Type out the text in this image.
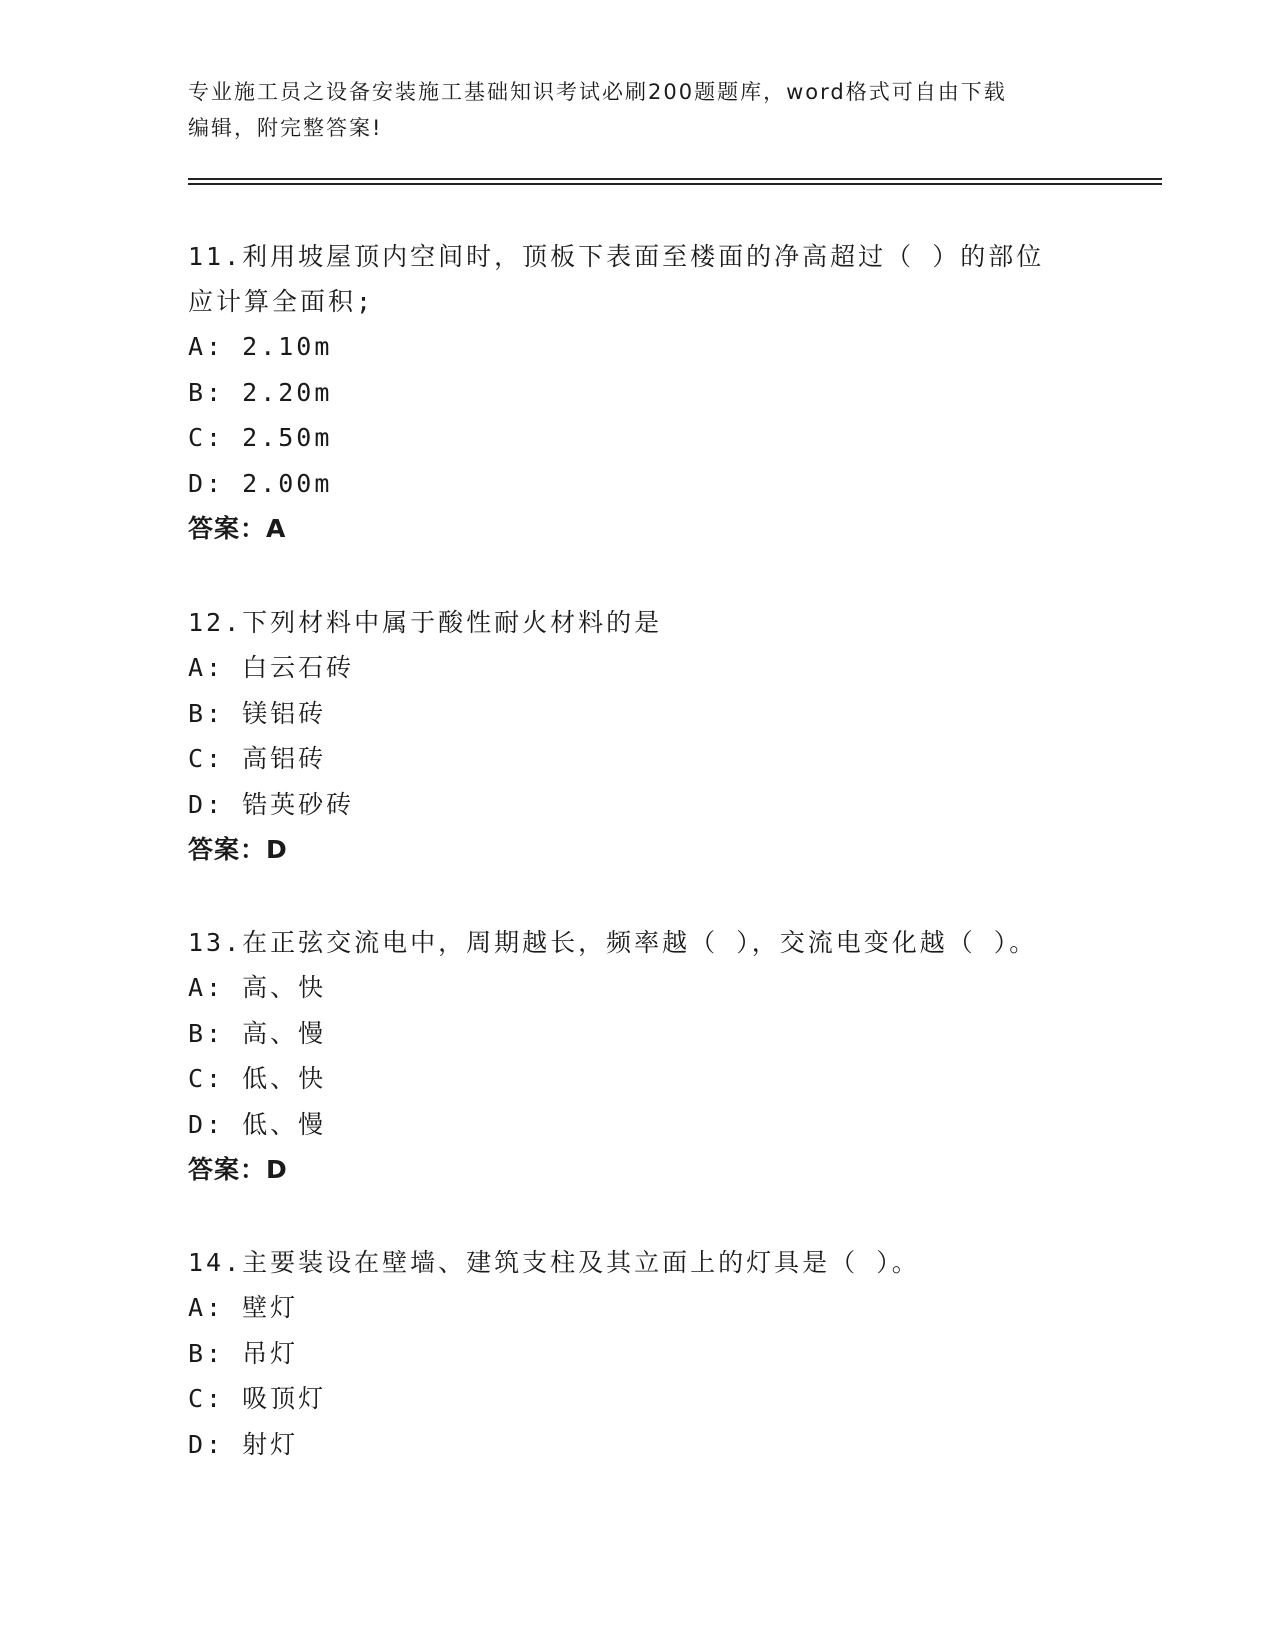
专业施工员之设备安装施工基础知识考试必刷200题题库，word格式可自由下载
编辑，附完整答案!
11.利用坡屋顶内空间时，顶板下表面至楼面的净高超过（ ）的部位
应计算全面积;
A: 2.10m
B: 2.20m
C: 2.50m
D: 2.00m
答案：A
12.下列材料中属于酸性耐火材料的是
A: 白云石砖
B: 镁铝砖
C: 高铝砖
D: 锆英砂砖
答案：D
13.在正弦交流电中，周期越长，频率越（ ），交流电变化越（ ）。
A: 高、快
B: 高、慢
C: 低、快
D: 低、慢
答案：D
14.主要装设在壁墙、建筑支柱及其立面上的灯具是（ ）。
A: 壁灯
B: 吊灯
C: 吸顶灯
D: 射灯
